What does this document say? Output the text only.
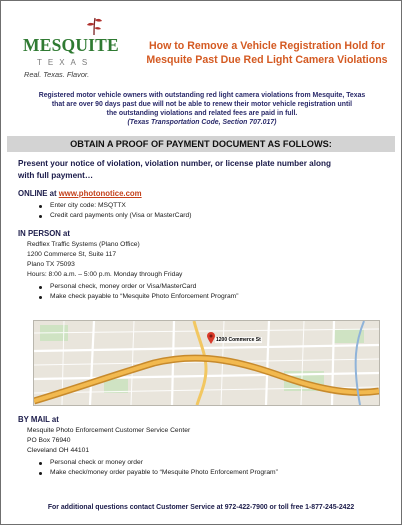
MESQUITE
TEXAS
Real. Texas. Flavor.
How to Remove a Vehicle Registration Hold for
Mesquite Past Due Red Light Camera Violations
Registered motor vehicle owners with outstanding red light camera violations from Mesquite, Texas
that are over 90 days past due will not be able to renew their motor vehicle registration until
the outstanding violations and related fees are paid in full.
(Texas Transportation Code, Section 707.017)
OBTAIN A PROOF OF PAYMENT DOCUMENT AS FOLLOWS:
Present your notice of violation, violation number, or license plate number along
with full payment…
ONLINE at www.photonotice.com
Enter city code: MSQTTX
Credit card payments only (Visa or MasterCard)
IN PERSON at
Redflex Traffic Systems (Plano Office)
1200 Commerce St, Suite 117
Plano TX 75093
Hours: 8:00 a.m. – 5:00 p.m. Monday through Friday
Personal check, money order or Visa/MasterCard
Make check payable to “Mesquite Photo Enforcement Program”
1200 Commerce St
BY MAIL at
Mesquite Photo Enforcement Customer Service Center
PO Box 76940
Cleveland OH 44101
Personal check or money order
Make check/money order payable to “Mesquite Photo Enforcement Program”
For additional questions contact Customer Service at 972-422-7900 or toll free 1-877-245-2422
